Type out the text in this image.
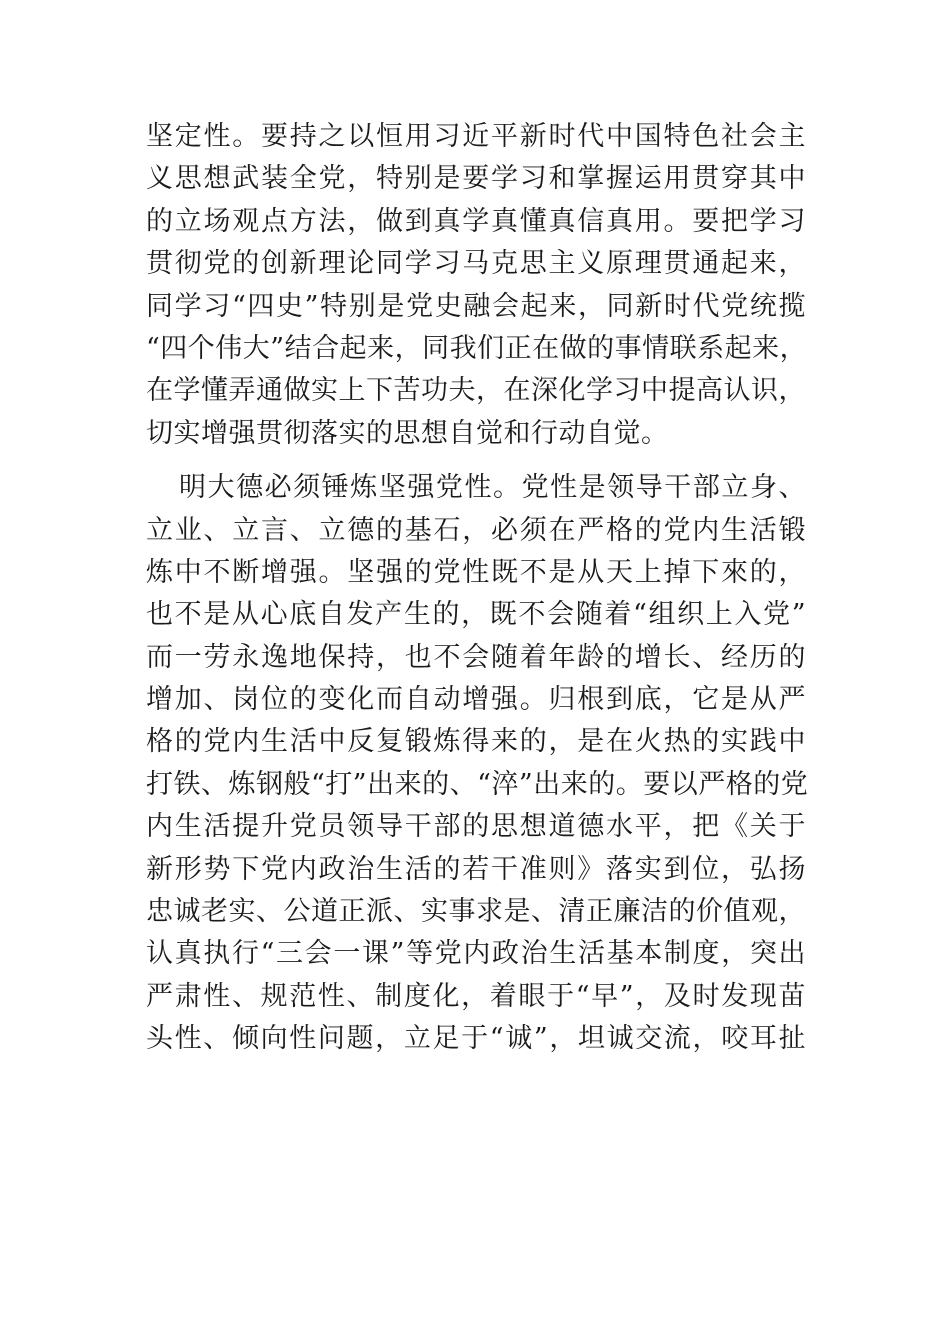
坚定性。要持之以恒用习近平新时代中国特色社会主
义思想武装全党，特别是要学习和掌握运用贯穿其中
的立场观点方法，做到真学真懂真信真用。要把学习
贯彻党的创新理论同学习马克思主义原理贯通起来，
同学习“四史”特别是党史融会起来，同新时代党统揽
“四个伟大”结合起来，同我们正在做的事情联系起来，
在学懂弄通做实上下苦功夫，在深化学习中提高认识，
切实增强贯彻落实的思想自觉和行动自觉。
明大德必须锤炼坚强党性。党性是领导干部立身、
立业、立言、立德的基石，必须在严格的党内生活锻
炼中不断增强。坚强的党性既不是从天上掉下來的，
也不是从心底自发产生的，既不会随着“组织上入党”
而一劳永逸地保持，也不会随着年龄的增长、经历的
增加、岗位的变化而自动增强。归根到底，它是从严
格的党内生活中反复锻炼得来的，是在火热的实践中
打铁、炼钢般“打”出来的、“淬”出来的。要以严格的党
内生活提升党员领导干部的思想道德水平，把《关于
新形势下党内政治生活的若干准则》落实到位，弘扬
忠诚老实、公道正派、实事求是、清正廉洁的价值观，
认真执行“三会一课”等党内政治生活基本制度，突出
严肃性、规范性、制度化，着眼于“早”，及时发现苗
头性、倾向性问题，立足于“诚”，坦诚交流，咬耳扯
